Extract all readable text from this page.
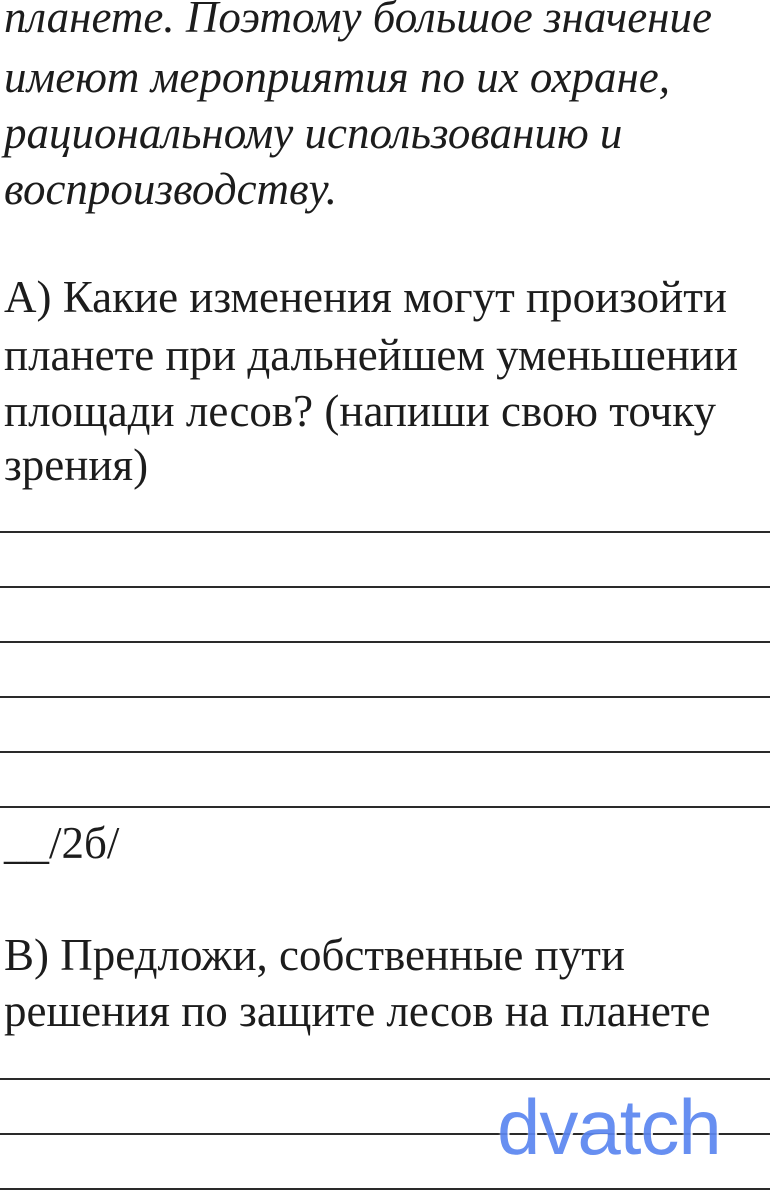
планете. Поэтому большое значение
имеют мероприятия по их охране,
рациональному использованию и
воспроизводству.
А) Какие изменения могут произойти
планете при дальнейшем уменьшении
площади лесов? (напиши свою точку
зрения)
__/2б/
В) Предложи, собственные пути
решения по защите лесов на планете
dvatch
